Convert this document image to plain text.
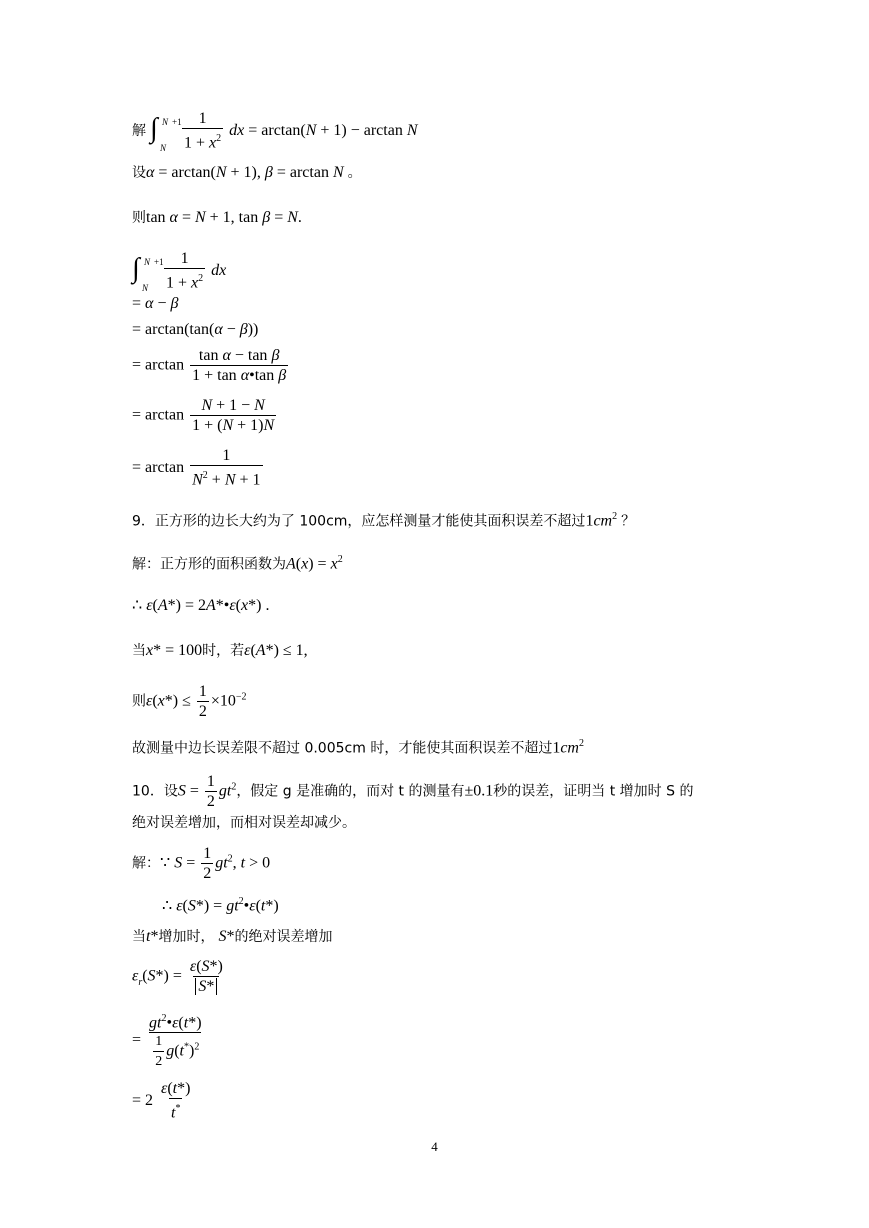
解 ∫ N +1
N
$\frac{1}{1 + x^2}$ dx = arctan(N + 1) − arctan N
设α = arctan(N + 1), β = arctan N 。
则tan α = N + 1, tan β = N.
∫ N +1
N
$\frac{1}{1 + x^2}$ dx
= α − β
= arctan(tan(α − β))
= $\arctan \frac{\text{tan α − tan β}}{\text{1 + tan α•tan β}}$
= $\arctan \frac{N + 1 - N}{1 + (N + 1)N}$
= $\arctan \frac{1}{N^2 + N + 1}$
9．正方形的边长大约为了 100cm，应怎样测量才能使其面积误差不超过$1cm^2$ ？
解：正方形的面积函数为$A(x) = x^2$
∴ ε(A*) = 2A*•ε(x*) .
当x* = 100时，若ε(A*) ≤ 1,
则$\varepsilon(x*) \le \frac{1}{2} \times 10^{-2}$
故测量中边长误差限不超过 0.005cm 时，才能使其面积误差不超过$1cm^2$
10．设$S = \frac{1}{2} gt^2$，假定 g 是准确的，而对 t 的测量有±0.1秒的误差，证明当 t 增加时 S 的
绝对误差增加，而相对误差却减少。
解：∵ $S = \frac{1}{2} gt^2$, t > 0
∴ $\varepsilon(S*) = gt^2•\varepsilon(t*)$
当t*增加时， S*的绝对误差增加
$\varepsilon_r(S*) = \frac{\varepsilon(S*)}{S*}$
= $\frac{gt^2•\varepsilon(t*)}{\frac{1}{2} g(t^*)^2}$
= $2 \frac{\varepsilon(t*)}{t^*}$
4
